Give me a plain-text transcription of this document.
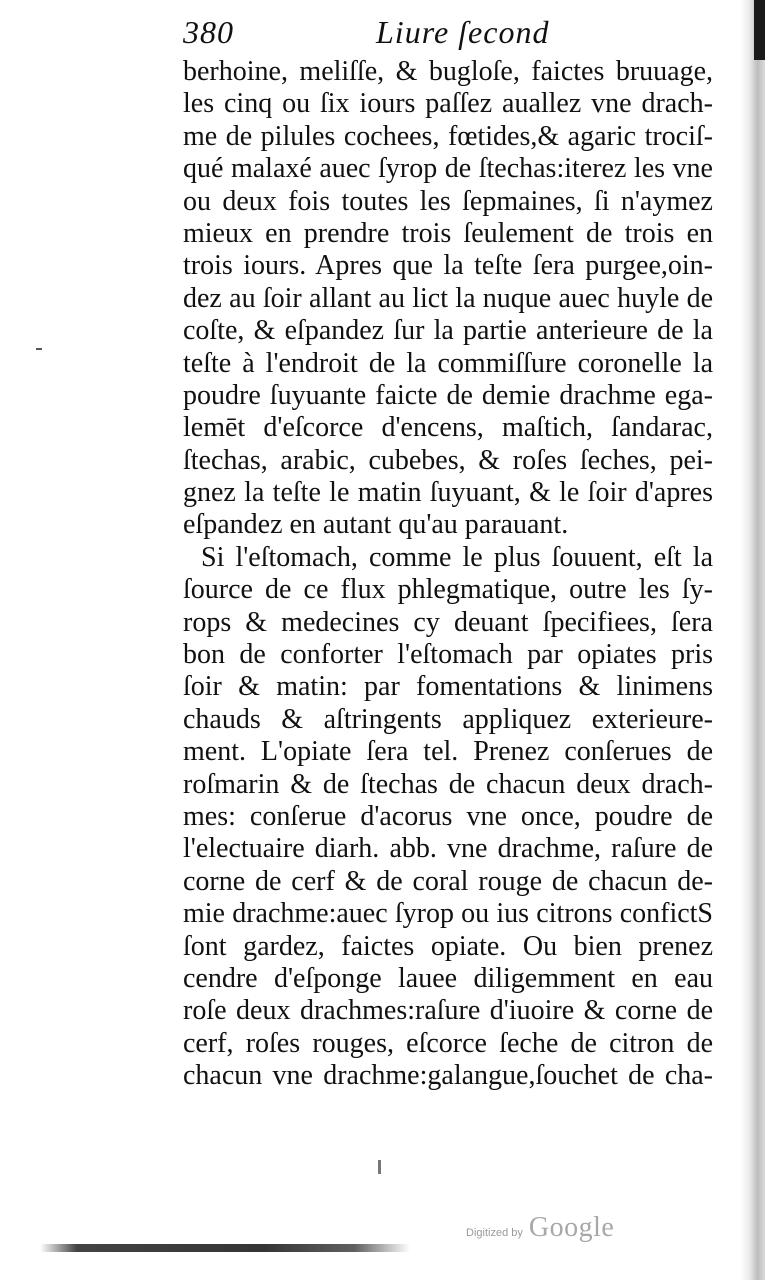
380	Liure ſecond
berhoine, meliſſe, & bugloſe, faictes bruuage,
les cinq ou ſix iours paſſez auallez vne drach-
me de pilules cochees, fœtides,& agaric trociſ-
qué malaxé auec ſyrop de ſtechas:iterez les vne
ou deux fois toutes les ſepmaines, ſi n'aymez
mieux en prendre trois ſeulement de trois en
trois iours. Apres que la teſte ſera purgee,oin-
dez au ſoir allant au lict la nuque auec huyle de
coſte, & eſpandez ſur la partie anterieure de la
teſte à l'endroit de la commiſſure coronelle la
poudre ſuyuante faicte de demie drachme ega-
lemēt d'eſcorce d'encens, maſtich, ſandarac,
ſtechas, arabic, cubebes, & roſes ſeches, pei-
gnez la teſte le matin ſuyuant, & le ſoir d'apres
eſpandez en autant qu'au parauant.
Si l'eſtomach, comme le plus ſouuent, eſt la
ſource de ce flux phlegmatique, outre les ſy-
rops & medecines cy deuant ſpecifiees, ſera
bon de conforter l'eſtomach par opiates pris
ſoir & matin: par fomentations & linimens
chauds & aſtringents appliquez exterieure-
ment. L'opiate ſera tel. Prenez conſerues de
roſmarin & de ſtechas de chacun deux drach-
mes: conſerue d'acorus vne once, poudre de
l'electuaire diarh. abb. vne drachme, raſure de
corne de cerf & de coral rouge de chacun de-
mie drachme:auec ſyrop ou ius citrons confictS
ſont gardez, faictes opiate. Ou bien prenez
cendre d'eſponge lauee diligemment en eau
roſe deux drachmes:raſure d'iuoire & corne de
cerf, roſes rouges, eſcorce ſeche de citron de
chacun vne drachme:galangue,ſouchet de cha-
Digitized by Google
